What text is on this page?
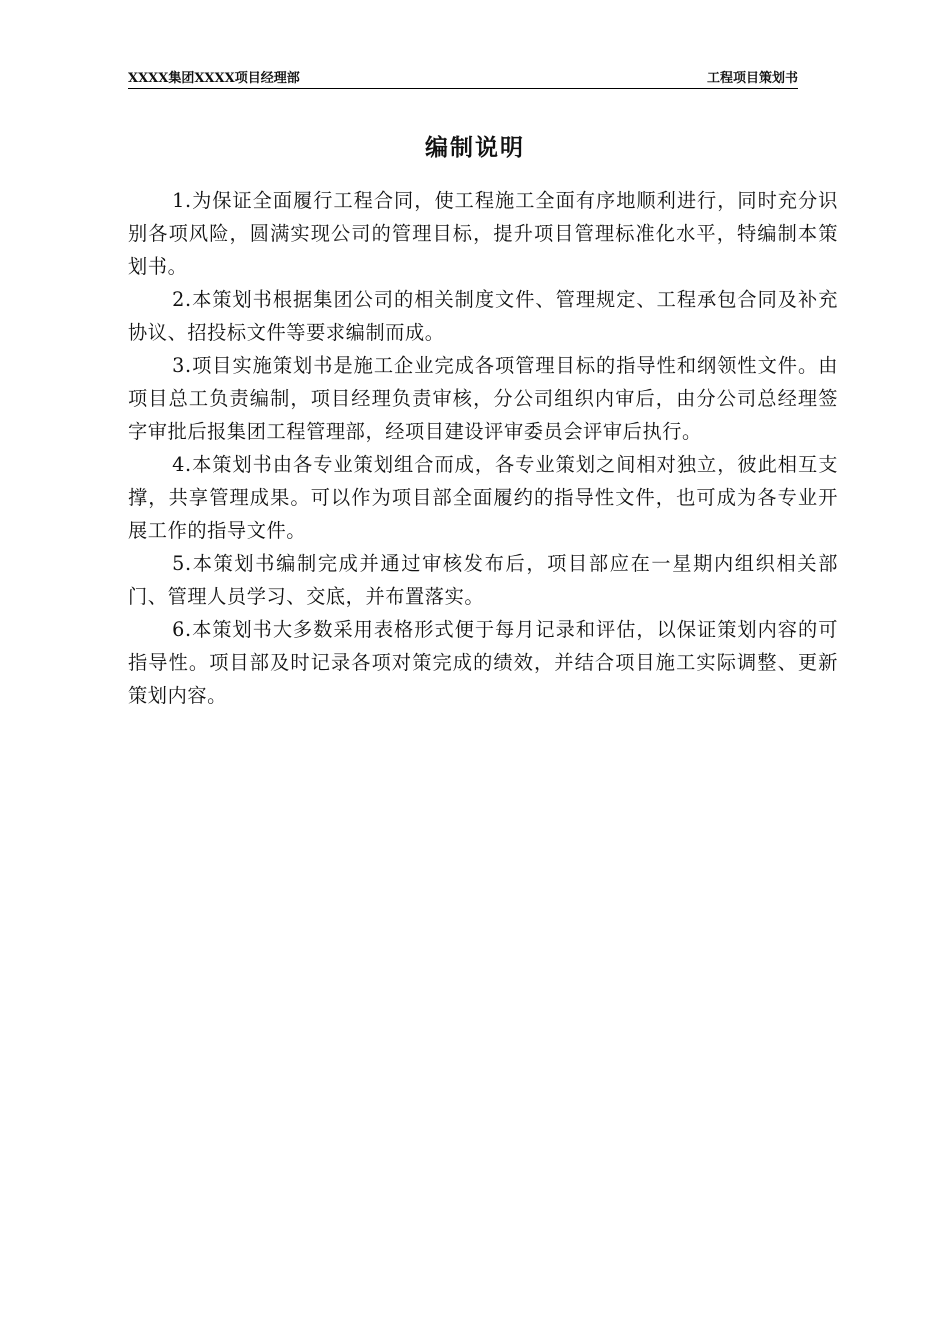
XXXX集团XXXX项目经理部	工程项目策划书
编制说明

1.为保证全面履行工程合同，使工程施工全面有序地顺利进行，同时充分识别各项风险，圆满实现公司的管理目标，提升项目管理标准化水平，特编制本策划书。

2.本策划书根据集团公司的相关制度文件、管理规定、工程承包合同及补充协议、招投标文件等要求编制而成。

3.项目实施策划书是施工企业完成各项管理目标的指导性和纲领性文件。由项目总工负责编制，项目经理负责审核，分公司组织内审后，由分公司总经理签字审批后报集团工程管理部，经项目建设评审委员会评审后执行。

4.本策划书由各专业策划组合而成，各专业策划之间相对独立，彼此相互支撑，共享管理成果。可以作为项目部全面履约的指导性文件，也可成为各专业开展工作的指导文件。

5.本策划书编制完成并通过审核发布后，项目部应在一星期内组织相关部门、管理人员学习、交底，并布置落实。

6.本策划书大多数采用表格形式便于每月记录和评估，以保证策划内容的可指导性。项目部及时记录各项对策完成的绩效，并结合项目施工实际调整、更新策划内容。
